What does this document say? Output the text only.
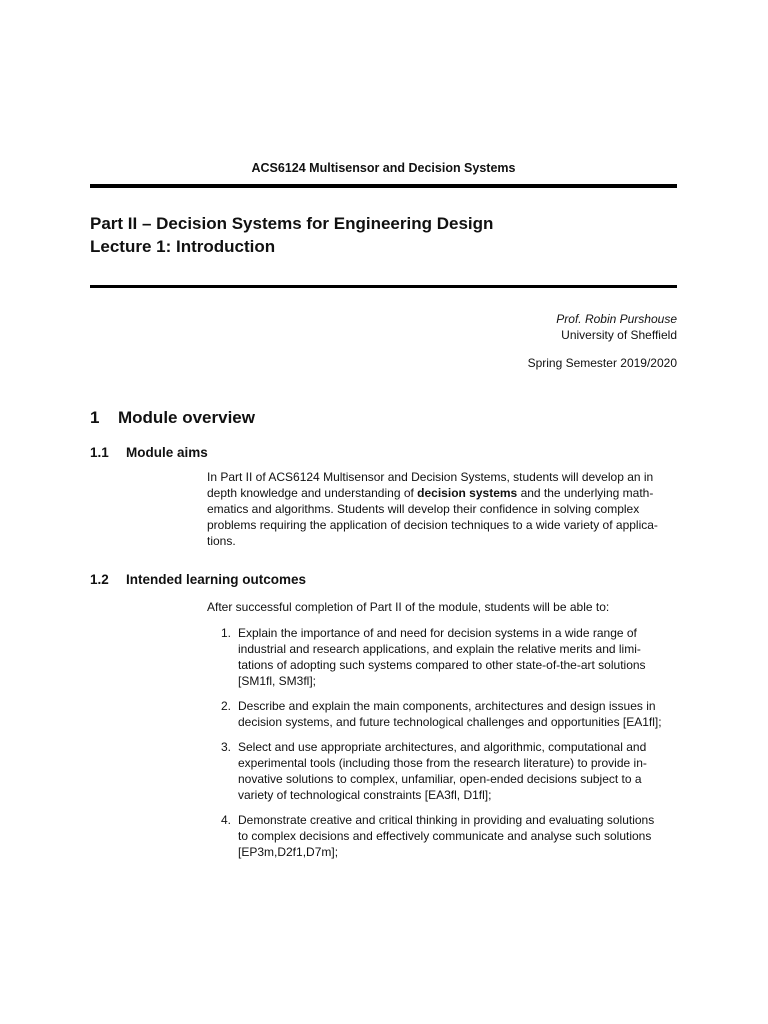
ACS6124 Multisensor and Decision Systems
Part II – Decision Systems for Engineering Design
Lecture 1: Introduction
Prof. Robin Purshouse
University of Sheffield
Spring Semester 2019/2020
1 Module overview
1.1 Module aims
In Part II of ACS6124 Multisensor and Decision Systems, students will develop an in
depth knowledge and understanding of decision systems and the underlying math-
ematics and algorithms. Students will develop their confidence in solving complex
problems requiring the application of decision techniques to a wide variety of applica-
tions.
1.2 Intended learning outcomes
After successful completion of Part II of the module, students will be able to:
1. Explain the importance of and need for decision systems in a wide range of
industrial and research applications, and explain the relative merits and limi-
tations of adopting such systems compared to other state-of-the-art solutions
[SM1fl, SM3fl];
2. Describe and explain the main components, architectures and design issues in
decision systems, and future technological challenges and opportunities [EA1fl];
3. Select and use appropriate architectures, and algorithmic, computational and
experimental tools (including those from the research literature) to provide in-
novative solutions to complex, unfamiliar, open-ended decisions subject to a
variety of technological constraints [EA3fl, D1fl];
4. Demonstrate creative and critical thinking in providing and evaluating solutions
to complex decisions and effectively communicate and analyse such solutions
[EP3m,D2f1,D7m];
